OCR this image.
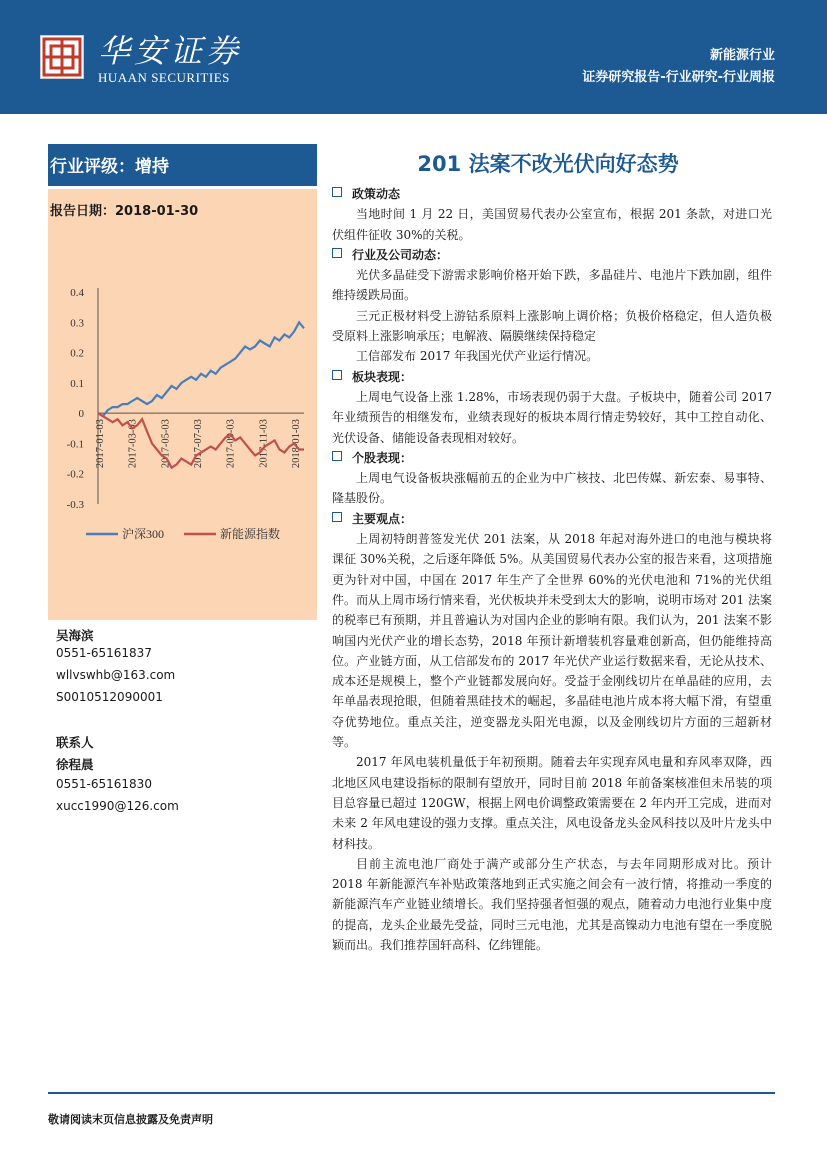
华安证券
HUAAN SECURITIES
新能源行业
证券研究报告-行业研究-行业周报
行业评级：增持
报告日期：2018-01-30
0.4
0.3
0.2
0.1
0
-0.1
-0.2
-0.3
2017-01-03 2017-03-03 2017-05-03 2017-07-03 2017-09-03 2017-11-03 2018-01-03
沪深300	新能源指数
吴海滨
0551-65161837
wllvswhb@163.com
S0010512090001
联系人
徐程晨
0551-65161830
xucc1990@126.com
201 法案不改光伏向好态势
政策动态

当地时间 1 月 22 日，美国贸易代表办公室宣布，根据 201 条款，对进口光伏组件征收 30%的关税。

行业及公司动态：

光伏多晶硅受下游需求影响价格开始下跌，多晶硅片、电池片下跌加剧，组件维持缓跌局面。

三元正极材料受上游钴系原料上涨影响上调价格；负极价格稳定，但人造负极受原料上涨影响承压；电解液、隔膜继续保持稳定

工信部发布 2017 年我国光伏产业运行情况。

板块表现：

上周电气设备上涨 1.28%，市场表现仍弱于大盘。子板块中，随着公司 2017 年业绩预告的相继发布，业绩表现好的板块本周行情走势较好，其中工控自动化、光伏设备、储能设备表现相对较好。

个股表现：

上周电气设备板块涨幅前五的企业为中广核技、北巴传媒、新宏泰、易事特、隆基股份。

主要观点：

上周初特朗普签发光伏 201 法案，从 2018 年起对海外进口的电池与模块将课征 30%关税，之后逐年降低 5%。从美国贸易代表办公室的报告来看，这项措施更为针对中国，中国在 2017 年生产了全世界 60%的光伏电池和 71%的光伏组件。而从上周市场行情来看，光伏板块并未受到太大的影响，说明市场对 201 法案的税率已有预期，并且普遍认为对国内企业的影响有限。我们认为，201 法案不影响国内光伏产业的增长态势，2018 年预计新增装机容量难创新高，但仍能维持高位。产业链方面，从工信部发布的 2017 年光伏产业运行数据来看，无论从技术、成本还是规模上，整个产业链都发展向好。受益于金刚线切片在单晶硅的应用，去年单晶表现抢眼，但随着黑硅技术的崛起，多晶硅电池片成本将大幅下滑，有望重夺优势地位。重点关注，逆变器龙头阳光电源，以及金刚线切片方面的三超新材等。

2017 年风电装机量低于年初预期。随着去年实现弃风电量和弃风率双降，西北地区风电建设指标的限制有望放开，同时目前 2018 年前备案核准但未吊装的项目总容量已超过 120GW，根据上网电价调整政策需要在 2 年内开工完成，进而对未来 2 年风电建设的强力支撑。重点关注，风电设备龙头金风科技以及叶片龙头中材科技。

目前主流电池厂商处于满产或部分生产状态，与去年同期形成对比。预计 2018 年新能源汽车补贴政策落地到正式实施之间会有一波行情，将推动一季度的新能源汽车产业链业绩增长。我们坚持强者恒强的观点，随着动力电池行业集中度的提高，龙头企业最先受益，同时三元电池，尤其是高镍动力电池有望在一季度脱颖而出。我们推荐国轩高科、亿纬锂能。

敬请阅读末页信息披露及免责声明
